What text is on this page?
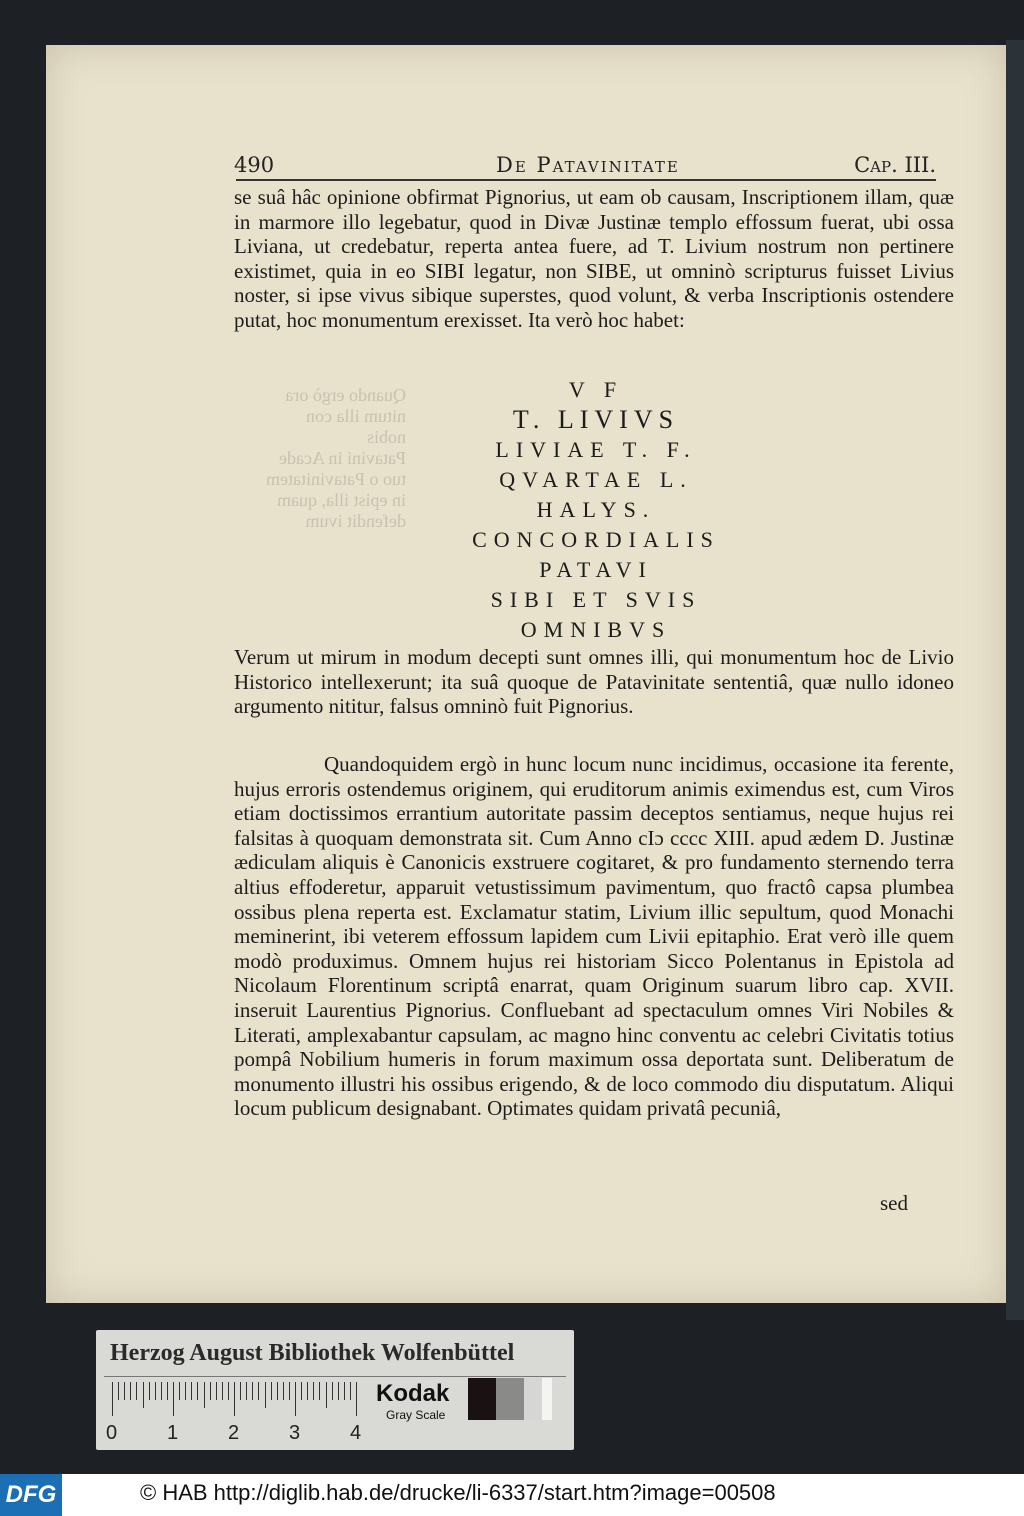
Quando ergò ora
nitum illa con
nobis
Patavini in Acade
tuo o Patavinitatem
in epist illa, quam
defendit ivum
490	De Patavinitate	Cap. III.

se suâ hâc opinione obfirmat Pignorius, ut eam ob causam, Inscriptionem illam, quæ in marmore illo legebatur, quod in Divæ Justinæ templo effossum fuerat, ubi ossa Liviana, ut credebatur, reperta antea fuere, ad T. Livium nostrum non pertinere existimet, quia in eo SIBI legatur, non SIBE, ut omninò scripturus fuisset Livius noster, si ipse vivus sibique superstes, quod volunt, & verba Inscriptionis ostendere putat, hoc monumentum erexisset. Ita verò hoc habet:

V F
T. LIVIVS
LIVIAE T. F.
QVARTAE L.
HALYS.
CONCORDIALIS
PATAVI
SIBI ET SVIS
OMNIBVS

Verum ut mirum in modum decepti sunt omnes illi, qui monumentum hoc de Livio Historico intellexerunt; ita suâ quoque de Patavinitate sententiâ, quæ nullo idoneo argumento nititur, falsus omninò fuit Pignorius.

Quandoquidem ergò in hunc locum nunc incidimus, occasione ita ferente, hujus erroris ostendemus originem, qui eruditorum animis eximendus est, cum Viros etiam doctissimos errantium autoritate passim deceptos sentiamus, neque hujus rei falsitas à quoquam demonstrata sit. Cum Anno cIɔ cccc XIII. apud ædem D. Justinæ ædiculam aliquis è Canonicis exstruere cogitaret, & pro fundamento sternendo terra altius effoderetur, apparuit vetustissimum pavimentum, quo fractô capsa plumbea ossibus plena reperta est. Exclamatur statim, Livium illic sepultum, quod Monachi meminerint, ibi veterem effossum lapidem cum Livii epitaphio. Erat verò ille quem modò produximus. Omnem hujus rei historiam Sicco Polentanus in Epistola ad Nicolaum Florentinum scriptâ enarrat, quam Originum suarum libro cap. XVII. inseruit Laurentius Pignorius. Confluebant ad spectaculum omnes Viri Nobiles & Literati, amplexabantur capsulam, ac magno hinc conventu ac celebri Civitatis totius pompâ Nobilium humeris in forum maximum ossa deportata sunt. Deliberatum de monumento illustri his ossibus erigendo, & de loco commodo diu disputatum. Aliqui locum publicum designabant. Optimates quidam privatâ pecuniâ,

sed
Herzog August Bibliothek Wolfenbüttel
0 1 2 3 4
Kodak
Gray Scale
DFG	© HAB http://diglib.hab.de/drucke/li-6337/start.htm?image=00508
